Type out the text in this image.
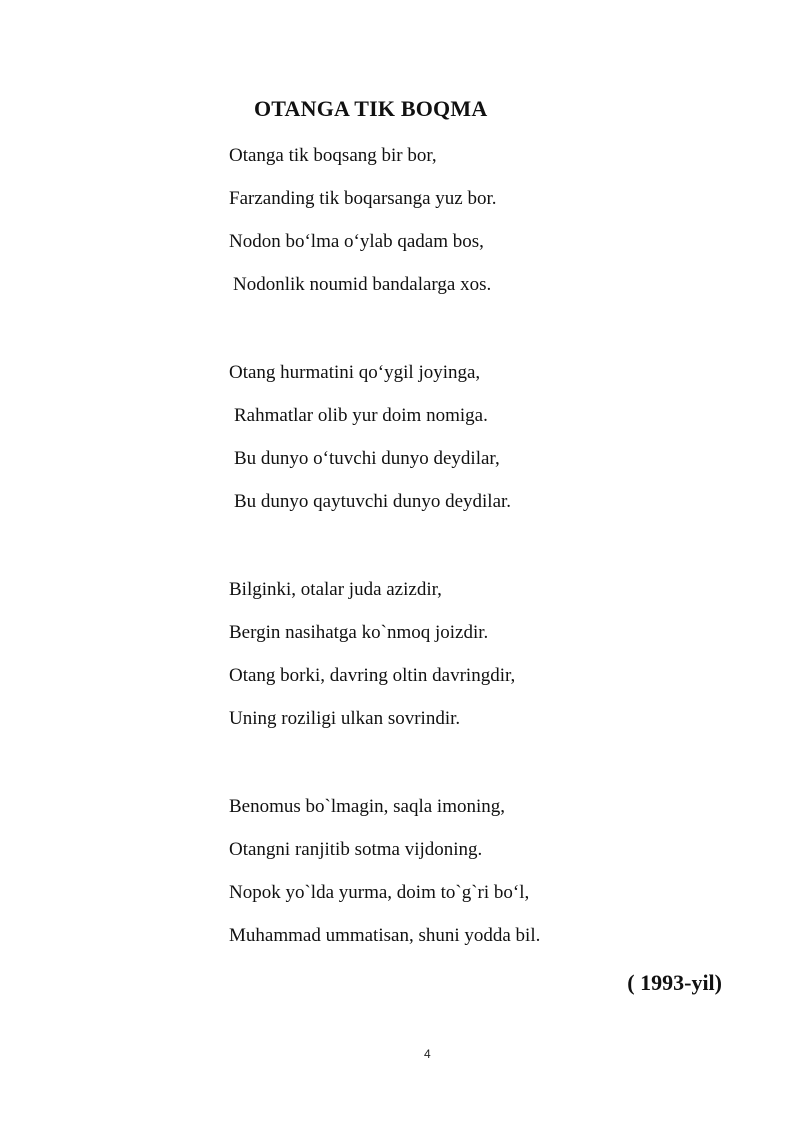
OTANGA TIK BOQMA

Otanga tik boqsang bir bor,

Farzanding tik boqarsanga yuz bor.

Nodon bo‘lma o‘ylab qadam bos,

Nodonlik noumid bandalarga xos.

Otang hurmatini qo‘ygil joyinga,

Rahmatlar olib yur doim nomiga.

Bu dunyo o‘tuvchi dunyo deydilar,

Bu dunyo qaytuvchi dunyo deydilar.

Bilginki, otalar juda azizdir,

Bergin nasihatga ko`nmoq joizdir.

Otang borki, davring oltin davringdir,

Uning roziligi ulkan sovrindir.

Benomus bo`lmagin, saqla imoning,

Otangni ranjitib sotma vijdoning.

Nopok yo`lda yurma, doim to`g`ri bo‘l,

Muhammad ummatisan, shuni yodda bil.

( 1993-yil)
4
